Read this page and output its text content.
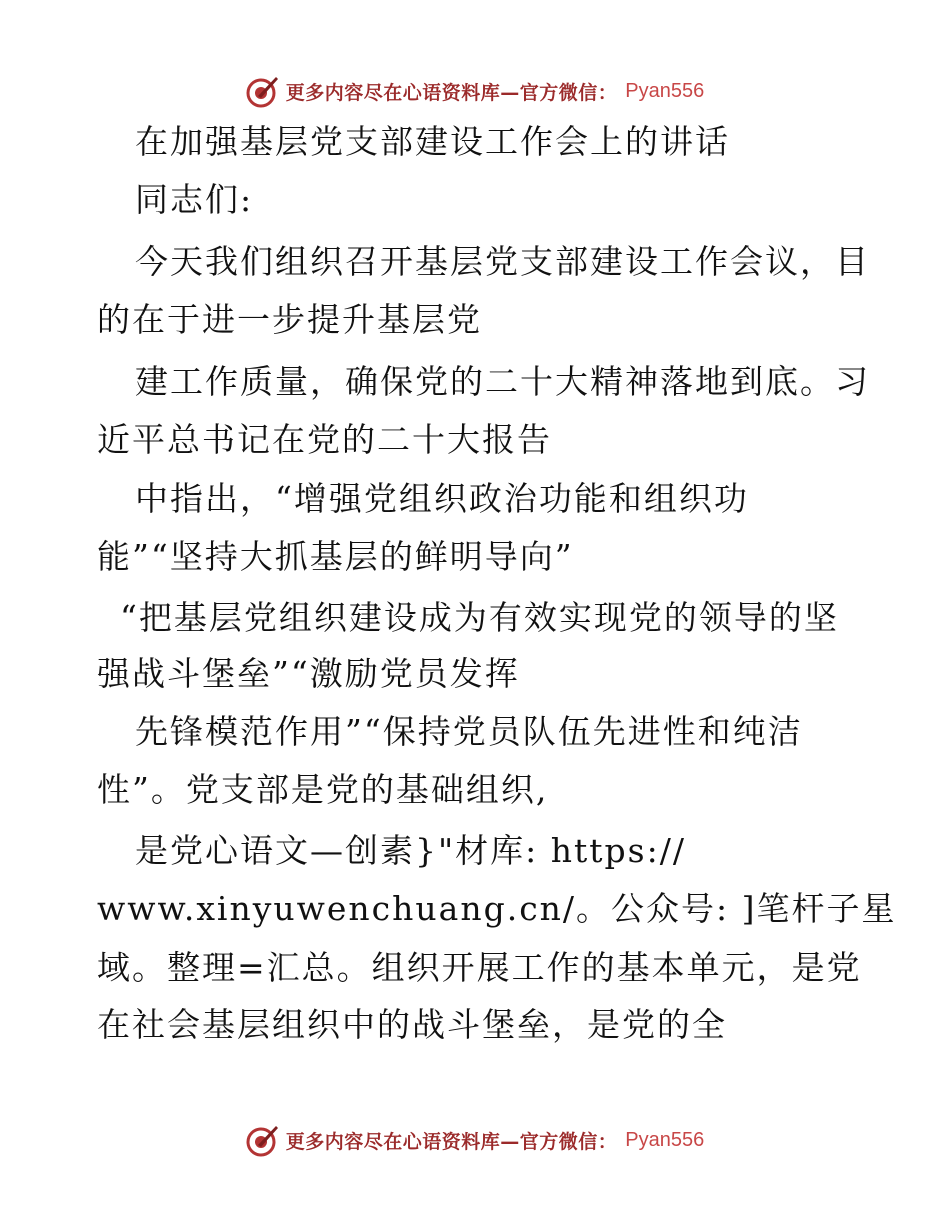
更多内容尽在心语资料库—官方微信： Pyan556
在加强基层党支部建设工作会上的讲话
同志们:
今天我们组织召开基层党支部建设工作会议，目
的在于进一步提升基层党
建工作质量，确保党的二十大精神落地到底。习
近平总书记在党的二十大报告
中指出，“增强党组织政治功能和组织功
能”“坚持大抓基层的鲜明导向”
“把基层党组织建设成为有效实现党的领导的坚
强战斗堡垒”“激励党员发挥
先锋模范作用”“保持党员队伍先进性和纯洁
性”。党支部是党的基础组织,
是党心语文—创素}"材库: https://
www.xinyuwenchuang.cn/。公众号: ]笔杆子星
域。整理=汇总。组织开展工作的基本单元，是党
在社会基层组织中的战斗堡垒，是党的全
更多内容尽在心语资料库—官方微信： Pyan556
